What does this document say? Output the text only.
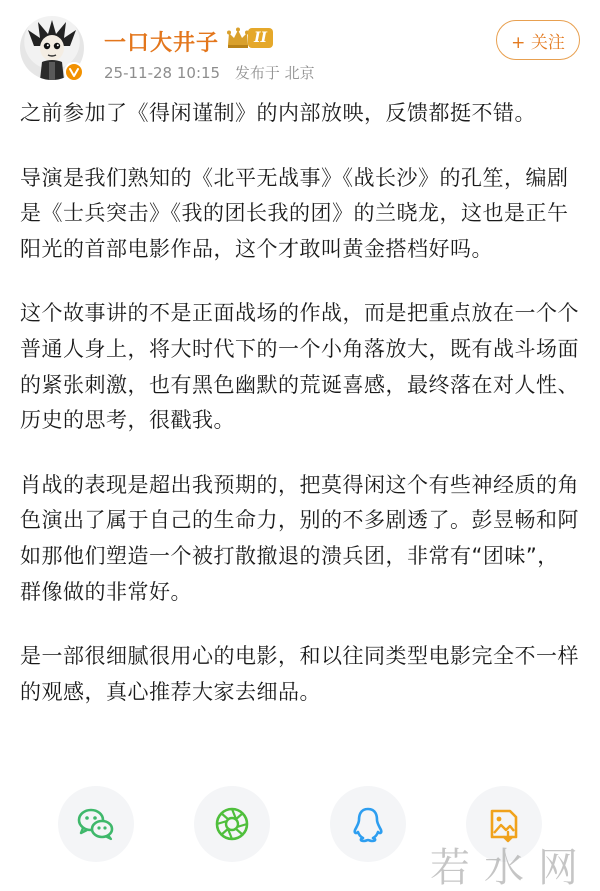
一口大井子	II
25-11-28 10:15 发布于 北京
+ 关注

之前参加了《得闲谨制》的内部放映，反馈都挺不错。

导演是我们熟知的《北平无战事》《战长沙》的孔笙，编剧是《士兵突击》《我的团长我的团》的兰晓龙，这也是正午阳光的首部电影作品，这个才敢叫黄金搭档好吗。

这个故事讲的不是正面战场的作战，而是把重点放在一个个普通人身上，将大时代下的一个小角落放大，既有战斗场面的紧张刺激，也有黑色幽默的荒诞喜感，最终落在对人性、历史的思考，很戳我。

肖战的表现是超出我预期的，把莫得闲这个有些神经质的角色演出了属于自己的生命力，别的不多剧透了。彭昱畅和阿如那他们塑造一个被打散撤退的溃兵团，非常有“团味”，群像做的非常好。

是一部很细腻很用心的电影，和以往同类型电影完全不一样的观感，真心推荐大家去细品。

若水网
